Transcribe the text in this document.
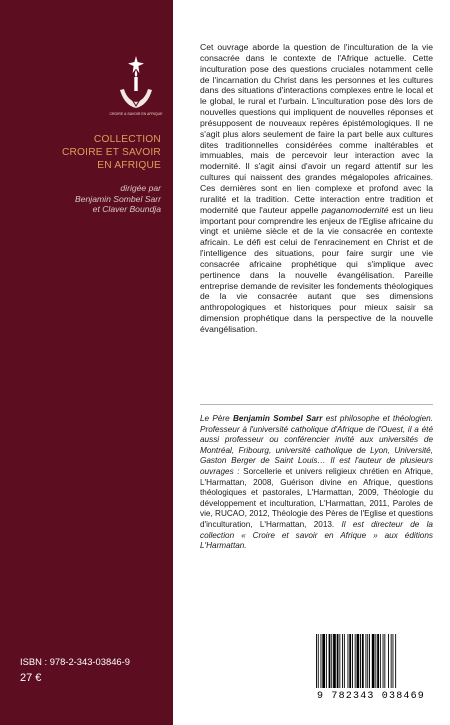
CROIRE & SAVOIR EN AFRIQUE
COLLECTION
CROIRE ET SAVOIR
EN AFRIQUE
dirigée par
Benjamin Sombel Sarr
et Claver Boundja
ISBN : 978-2-343-03846-9
27 €

Cet ouvrage aborde la question de l'inculturation de la vie consacrée dans le contexte de l'Afrique actuelle. Cette inculturation pose des questions cruciales notamment celle de l'incarnation du Christ dans les personnes et les cultures dans des situations d'interactions complexes entre le local et le global, le rural et l'urbain. L'inculturation pose dès lors de nouvelles questions qui impliquent de nouvelles réponses et présupposent de nouveaux repères épistémologiques. Il ne s'agit plus alors seulement de faire la part belle aux cultures dites traditionnelles considérées comme inaltérables et immuables, mais de percevoir leur interaction avec la modernité. Il s'agit ainsi d'avoir un regard attentif sur les cultures qui naissent des grandes mégalopoles africaines. Ces dernières sont en lien complexe et profond avec la ruralité et la tradition. Cette interaction entre tradition et modernité que l'auteur appelle paganomodernité est un lieu important pour comprendre les enjeux de l'Eglise africaine du vingt et unième siècle et de la vie consacrée en contexte africain. Le défi est celui de l'enracinement en Christ et de l'intelligence des situations, pour faire surgir une vie consacrée africaine prophétique qui s'implique avec pertinence dans la nouvelle évangélisation. Pareille entreprise demande de revisiter les fondements théologiques de la vie consacrée autant que ses dimensions anthropologiques et historiques pour mieux saisir sa dimension prophétique dans la perspective de la nouvelle évangélisation.

Le Père Benjamin Sombel Sarr est philosophe et théologien. Professeur à l'université catholique d'Afrique de l'Ouest, il a été aussi professeur ou conférencier invité aux universités de Montréal, Fribourg, université catholique de Lyon, Université, Gaston Berger de Saint Louis… Il est l'auteur de plusieurs ouvrages : Sorcellerie et univers religieux chrétien en Afrique, L'Harmattan, 2008, Guérison divine en Afrique, questions théologiques et pastorales, L'Harmattan, 2009, Théologie du développement et inculturation, L'Harmattan, 2011, Paroles de vie, RUCAO, 2012, Théologie des Pères de l'Eglise et questions d'inculturation, L'Harmattan, 2013. Il est directeur de la collection « Croire et savoir en Afrique » aux éditions L'Harmattan.

9 782343 038469
